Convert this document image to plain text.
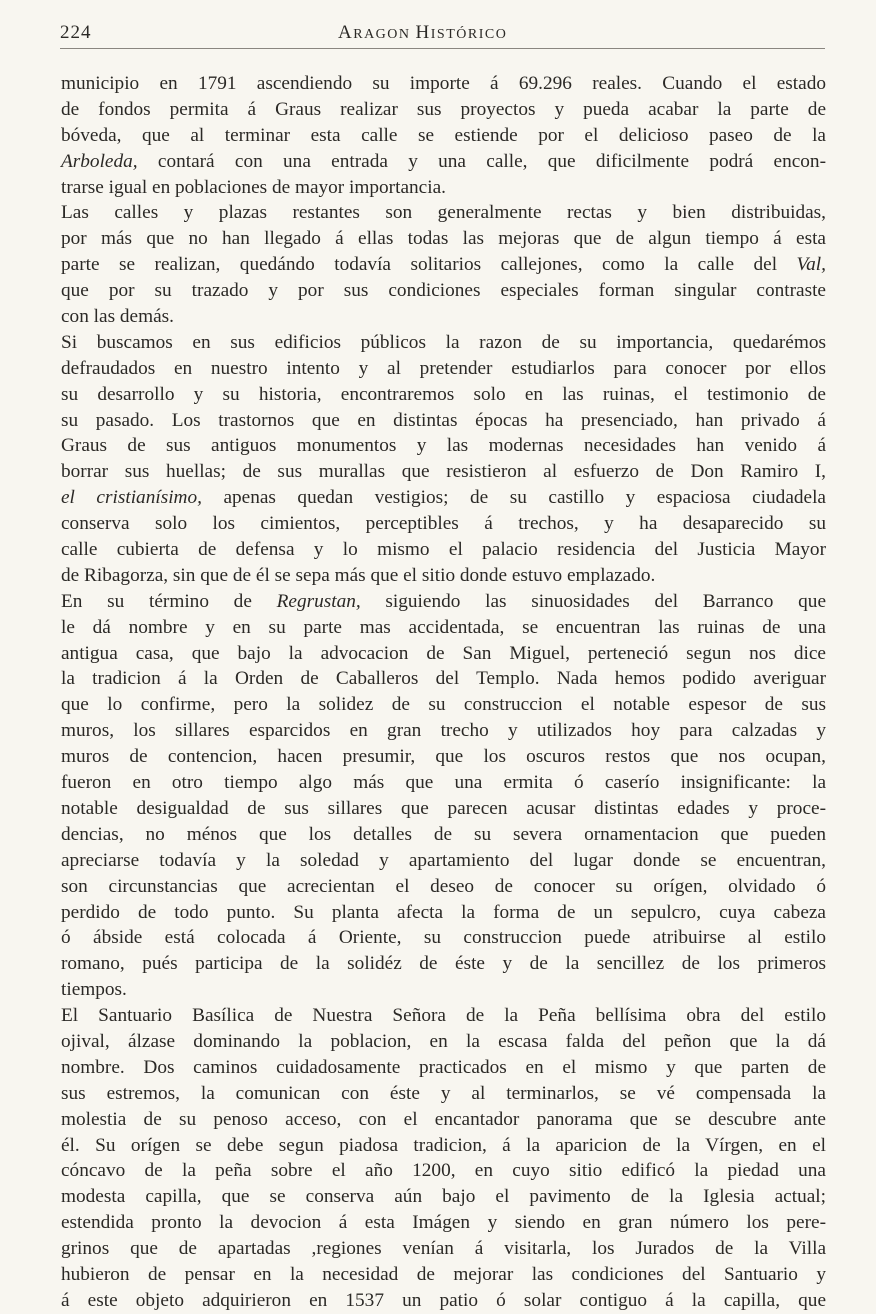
224	ARAGON HISTÓRICO
municipio en 1791 ascendiendo su importe á 69.296 reales. Cuando el estado
de fondos permita á Graus realizar sus proyectos y pueda acabar la parte de
bóveda, que al terminar esta calle se estiende por el delicioso paseo de la
Arboleda, contará con una entrada y una calle, que dificilmente podrá encon-
trarse igual en poblaciones de mayor importancia.
Las calles y plazas restantes son generalmente rectas y bien distribuidas,
por más que no han llegado á ellas todas las mejoras que de algun tiempo á esta
parte se realizan, quedándo todavía solitarios callejones, como la calle del Val,
que por su trazado y por sus condiciones especiales forman singular contraste
con las demás.
Si buscamos en sus edificios públicos la razon de su importancia, quedarémos
defraudados en nuestro intento y al pretender estudiarlos para conocer por ellos
su desarrollo y su historia, encontraremos solo en las ruinas, el testimonio de
su pasado. Los trastornos que en distintas épocas ha presenciado, han privado á
Graus de sus antiguos monumentos y las modernas necesidades han venido á
borrar sus huellas; de sus murallas que resistieron al esfuerzo de Don Ramiro I,
el cristianísimo, apenas quedan vestigios; de su castillo y espaciosa ciudadela
conserva solo los cimientos, perceptibles á trechos, y ha desaparecido su
calle cubierta de defensa y lo mismo el palacio residencia del Justicia Mayor
de Ribagorza, sin que de él se sepa más que el sitio donde estuvo emplazado.
En su término de Regrustan, siguiendo las sinuosidades del Barranco que
le dá nombre y en su parte mas accidentada, se encuentran las ruinas de una
antigua casa, que bajo la advocacion de San Miguel, perteneció segun nos dice
la tradicion á la Orden de Caballeros del Templo. Nada hemos podido averiguar
que lo confirme, pero la solidez de su construccion el notable espesor de sus
muros, los sillares esparcidos en gran trecho y utilizados hoy para calzadas y
muros de contencion, hacen presumir, que los oscuros restos que nos ocupan,
fueron en otro tiempo algo más que una ermita ó caserío insignificante: la
notable desigualdad de sus sillares que parecen acusar distintas edades y proce-
dencias, no ménos que los detalles de su severa ornamentacion que pueden
apreciarse todavía y la soledad y apartamiento del lugar donde se encuentran,
son circunstancias que acrecientan el deseo de conocer su orígen, olvidado ó
perdido de todo punto. Su planta afecta la forma de un sepulcro, cuya cabeza
ó ábside está colocada á Oriente, su construccion puede atribuirse al estilo
romano, pués participa de la solidéz de éste y de la sencillez de los primeros
tiempos.
El Santuario Basílica de Nuestra Señora de la Peña bellísima obra del estilo
ojival, álzase dominando la poblacion, en la escasa falda del peñon que la dá
nombre. Dos caminos cuidadosamente practicados en el mismo y que parten de
sus estremos, la comunican con éste y al terminarlos, se vé compensada la
molestia de su penoso acceso, con el encantador panorama que se descubre ante
él. Su orígen se debe segun piadosa tradicion, á la aparicion de la Vírgen, en el
cóncavo de la peña sobre el año 1200, en cuyo sitio edificó la piedad una
modesta capilla, que se conserva aún bajo el pavimento de la Iglesia actual;
estendida pronto la devocion á esta Imágen y siendo en gran número los pere-
grinos que de apartadas ,regiones venían á visitarla, los Jurados de la Villa
hubieron de pensar en la necesidad de mejorar las condiciones del Santuario y
á este objeto adquirieron en 1537 un patio ó solar contiguo á la capilla, que
